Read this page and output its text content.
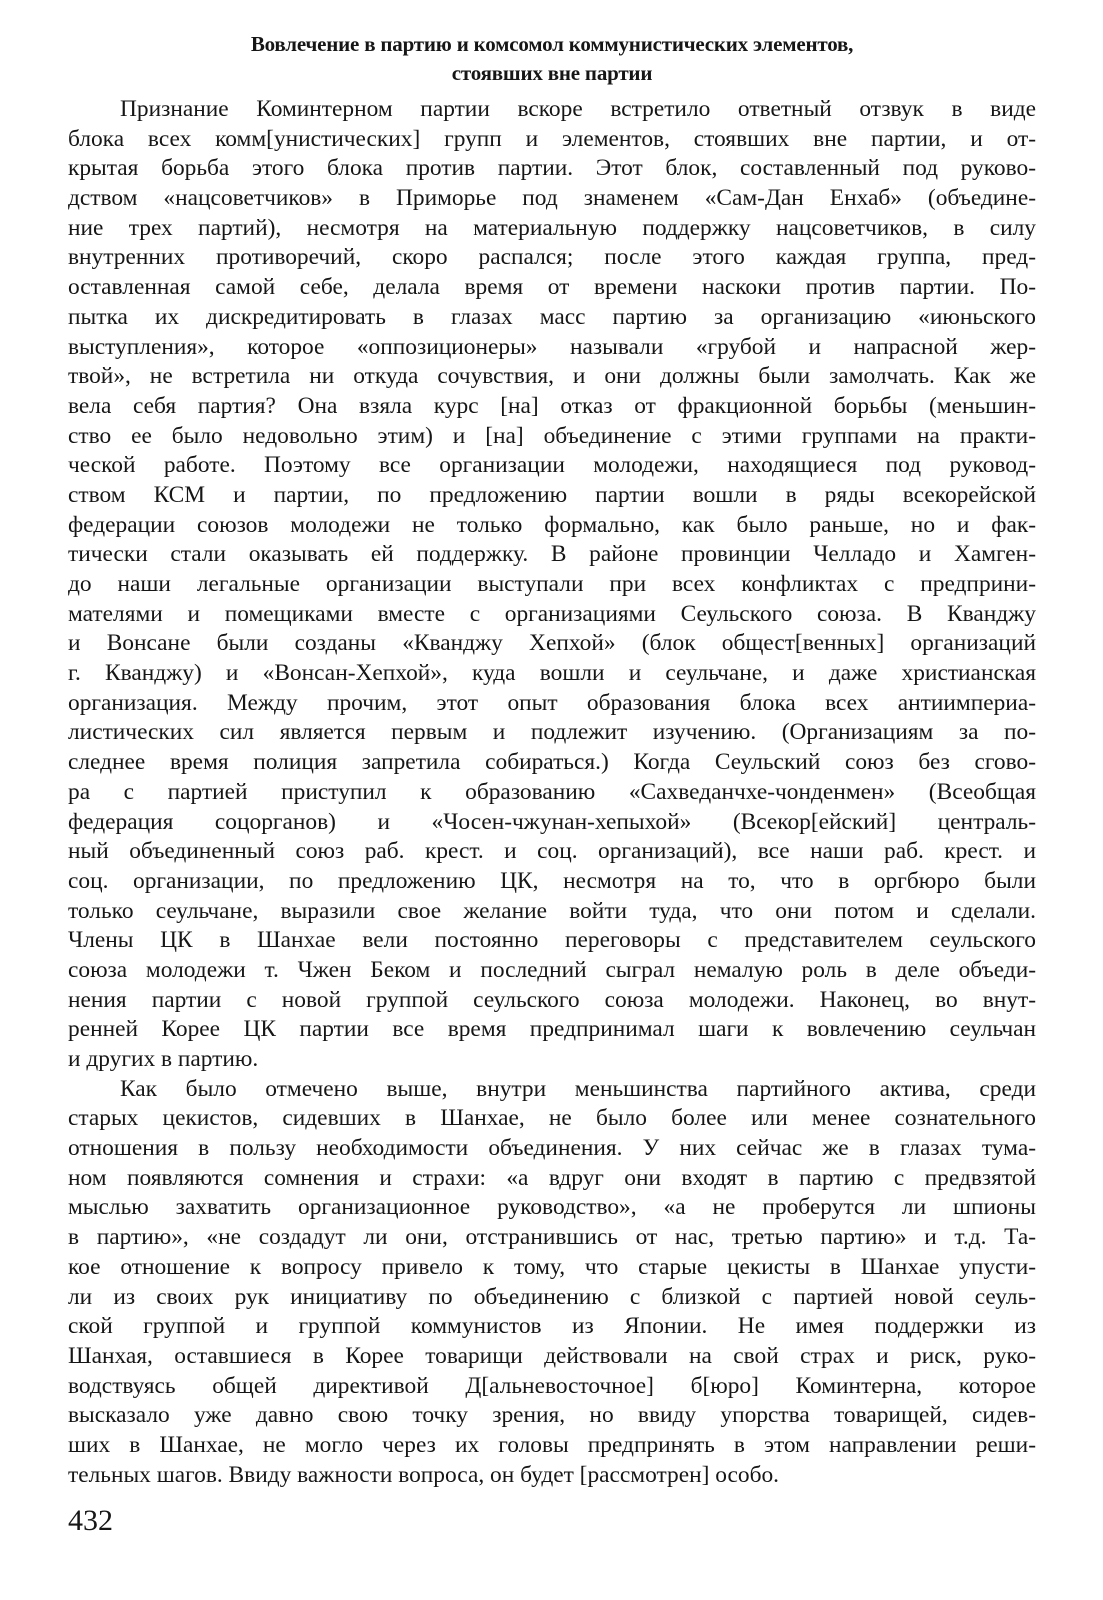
Вовлечение в партию и комсомол коммунистических элементов,
стоявших вне партии
Признание Коминтерном партии вскоре встретило ответный отзвук в виде
блока всех комм[унистических] групп и элементов, стоявших вне партии, и от-
крытая борьба этого блока против партии. Этот блок, составленный под руково-
дством «нацсоветчиков» в Приморье под знаменем «Сам-Дан Енхаб» (объедине-
ние трех партий), несмотря на материальную поддержку нацсоветчиков, в силу
внутренних противоречий, скоро распался; после этого каждая группа, пред-
оставленная самой себе, делала время от времени наскоки против партии. По-
пытка их дискредитировать в глазах масс партию за организацию «июньского
выступления», которое «оппозиционеры» называли «грубой и напрасной жер-
твой», не встретила ни откуда сочувствия, и они должны были замолчать. Как же
вела себя партия? Она взяла курс [на] отказ от фракционной борьбы (меньшин-
ство ее было недовольно этим) и [на] объединение с этими группами на практи-
ческой работе. Поэтому все организации молодежи, находящиеся под руковод-
ством КСМ и партии, по предложению партии вошли в ряды всекорейской
федерации союзов молодежи не только формально, как было раньше, но и фак-
тически стали оказывать ей поддержку. В районе провинции Челладо и Хамген-
до наши легальные организации выступали при всех конфликтах с предприни-
мателями и помещиками вместе с организациями Сеульского союза. В Кванджу
и Вонсане были созданы «Кванджу Хепхой» (блок общест[венных] организаций
г. Кванджу) и «Вонсан-Хепхой», куда вошли и сеульчане, и даже христианская
организация. Между прочим, этот опыт образования блока всех антиимпериа-
листических сил является первым и подлежит изучению. (Организациям за по-
следнее время полиция запретила собираться.) Когда Сеульский союз без сгово-
ра с партией приступил к образованию «Сахведанчхе-чонденмен» (Всеобщая
федерация соцорганов) и «Чосен-чжунан-хепыхой» (Всекор[ейский] централь-
ный объединенный союз раб. крест. и соц. организаций), все наши раб. крест. и
соц. организации, по предложению ЦК, несмотря на то, что в оргбюро были
только сеульчане, выразили свое желание войти туда, что они потом и сделали.
Члены ЦК в Шанхае вели постоянно переговоры с представителем сеульского
союза молодежи т. Чжен Беком и последний сыграл немалую роль в деле объеди-
нения партии с новой группой сеульского союза молодежи. Наконец, во внут-
ренней Корее ЦК партии все время предпринимал шаги к вовлечению сеульчан
и других в партию.
Как было отмечено выше, внутри меньшинства партийного актива, среди
старых цекистов, сидевших в Шанхае, не было более или менее сознательного
отношения в пользу необходимости объединения. У них сейчас же в глазах тума-
ном появляются сомнения и страхи: «а вдруг они входят в партию с предвзятой
мыслью захватить организационное руководство», «а не проберутся ли шпионы
в партию», «не создадут ли они, отстранившись от нас, третью партию» и т.д. Та-
кое отношение к вопросу привело к тому, что старые цекисты в Шанхае упусти-
ли из своих рук инициативу по объединению с близкой с партией новой сеуль-
ской группой и группой коммунистов из Японии. Не имея поддержки из
Шанхая, оставшиеся в Корее товарищи действовали на свой страх и риск, руко-
водствуясь общей директивой Д[альневосточное] б[юро] Коминтерна, которое
высказало уже давно свою точку зрения, но ввиду упорства товарищей, сидев-
ших в Шанхае, не могло через их головы предпринять в этом направлении реши-
тельных шагов. Ввиду важности вопроса, он будет [рассмотрен] особо.
432
